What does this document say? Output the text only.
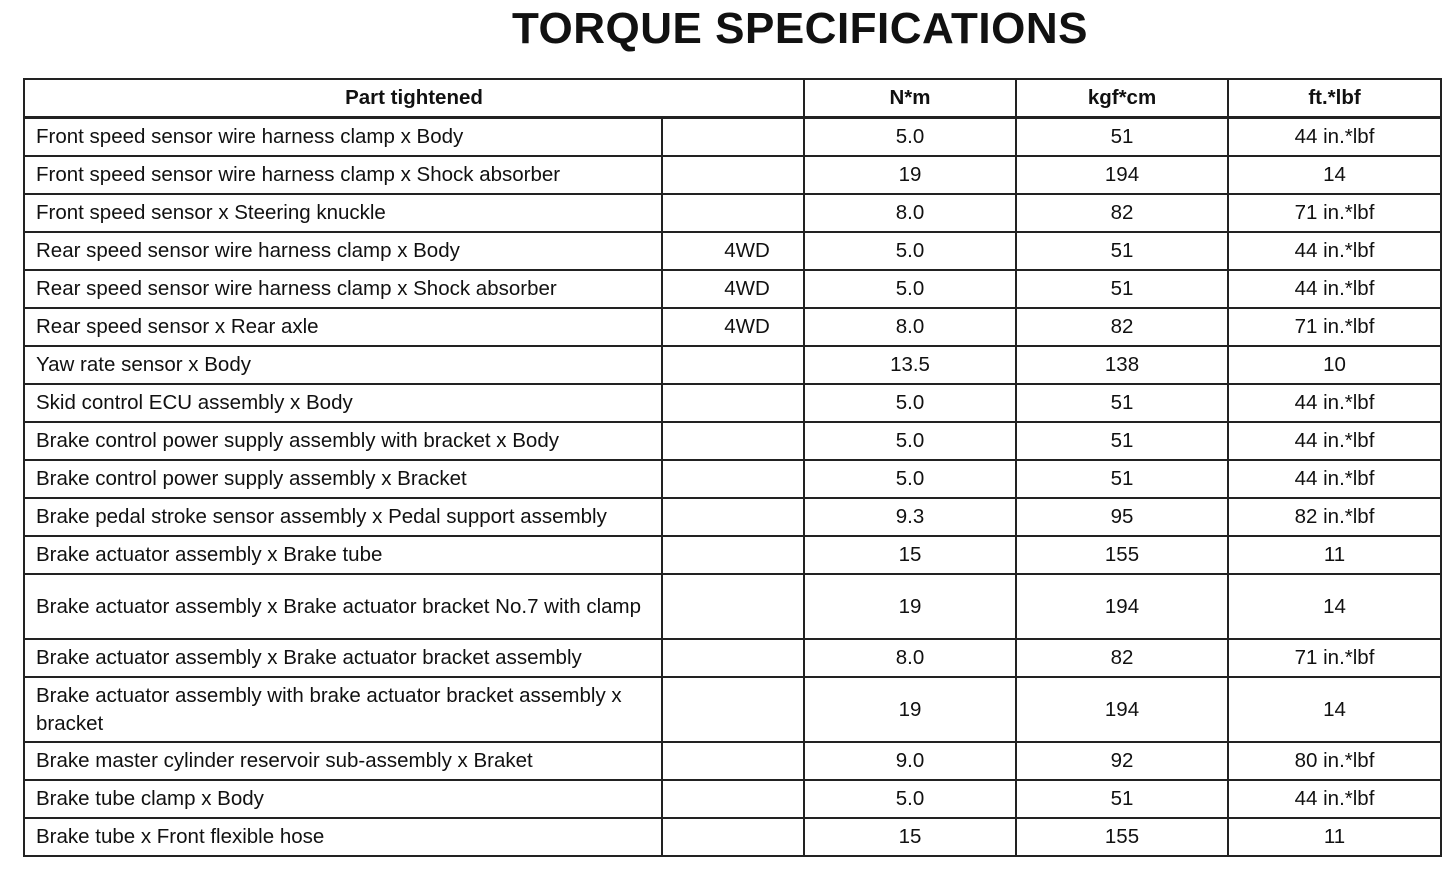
TORQUE SPECIFICATIONS
Part tightened		N*m	kgf*cm	ft.*lbf
Front speed sensor wire harness clamp x Body		5.0	51	44 in.*lbf
Front speed sensor wire harness clamp x Shock absorber		19	194	14
Front speed sensor x Steering knuckle		8.0	82	71 in.*lbf
Rear speed sensor wire harness clamp x Body	4WD	5.0	51	44 in.*lbf
Rear speed sensor wire harness clamp x Shock absorber	4WD	5.0	51	44 in.*lbf
Rear speed sensor x Rear axle	4WD	8.0	82	71 in.*lbf
Yaw rate sensor x Body		13.5	138	10
Skid control ECU assembly x Body		5.0	51	44 in.*lbf
Brake control power supply assembly with bracket x Body		5.0	51	44 in.*lbf
Brake control power supply assembly x Bracket		5.0	51	44 in.*lbf
Brake pedal stroke sensor assembly x Pedal support assembly		9.3	95	82 in.*lbf
Brake actuator assembly x Brake tube		15	155	11
Brake actuator assembly x Brake actuator bracket No.7 with clamp		19	194	14
Brake actuator assembly x Brake actuator bracket assembly		8.0	82	71 in.*lbf
Brake actuator assembly with brake actuator bracket assembly x bracket		19	194	14
Brake master cylinder reservoir sub-assembly x Braket		9.0	92	80 in.*lbf
Brake tube clamp x Body		5.0	51	44 in.*lbf
Brake tube x Front flexible hose		15	155	11
